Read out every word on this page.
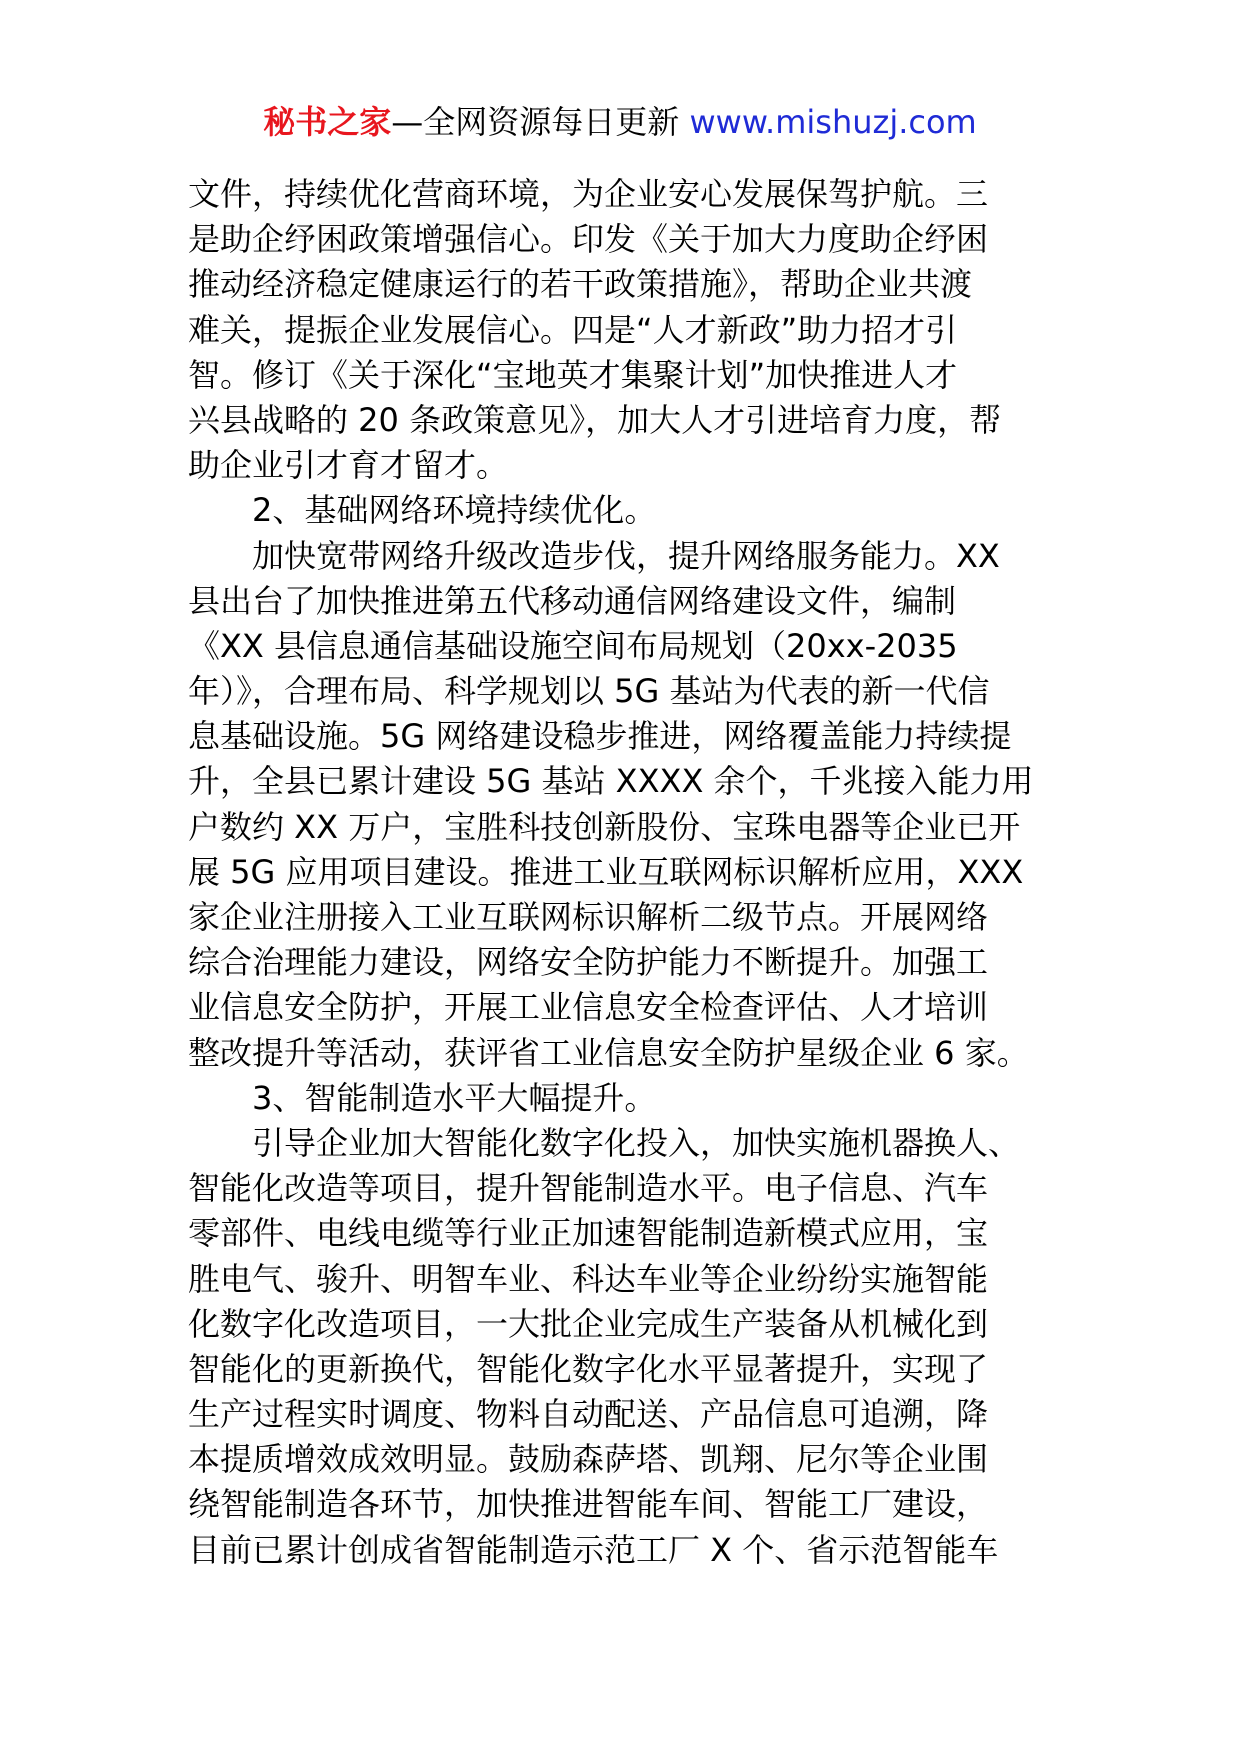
秘书之家—全网资源每日更新 www.mishuzj.com
文件，持续优化营商环境，为企业安心发展保驾护航。三
是助企纾困政策增强信心。印发《关于加大力度助企纾困
推动经济稳定健康运行的若干政策措施》，帮助企业共渡
难关，提振企业发展信心。四是“人才新政”助力招才引
智。修订《关于深化“宝地英才集聚计划”加快推进人才
兴县战略的 20 条政策意见》，加大人才引进培育力度，帮
助企业引才育才留才。
2、基础网络环境持续优化。
加快宽带网络升级改造步伐，提升网络服务能力。XX
县出台了加快推进第五代移动通信网络建设文件，编制
《XX 县信息通信基础设施空间布局规划（20xx-2035
年）》，合理布局、科学规划以 5G 基站为代表的新一代信
息基础设施。5G 网络建设稳步推进，网络覆盖能力持续提
升，全县已累计建设 5G 基站 XXXX 余个，千兆接入能力用
户数约 XX 万户，宝胜科技创新股份、宝珠电器等企业已开
展 5G 应用项目建设。推进工业互联网标识解析应用，XXX
家企业注册接入工业互联网标识解析二级节点。开展网络
综合治理能力建设，网络安全防护能力不断提升。加强工
业信息安全防护，开展工业信息安全检查评估、人才培训
整改提升等活动，获评省工业信息安全防护星级企业 6 家。
3、智能制造水平大幅提升。
引导企业加大智能化数字化投入，加快实施机器换人、
智能化改造等项目，提升智能制造水平。电子信息、汽车
零部件、电线电缆等行业正加速智能制造新模式应用，宝
胜电气、骏升、明智车业、科达车业等企业纷纷实施智能
化数字化改造项目，一大批企业完成生产装备从机械化到
智能化的更新换代，智能化数字化水平显著提升，实现了
生产过程实时调度、物料自动配送、产品信息可追溯，降
本提质增效成效明显。鼓励森萨塔、凯翔、尼尔等企业围
绕智能制造各环节，加快推进智能车间、智能工厂建设，
目前已累计创成省智能制造示范工厂 X 个、省示范智能车
